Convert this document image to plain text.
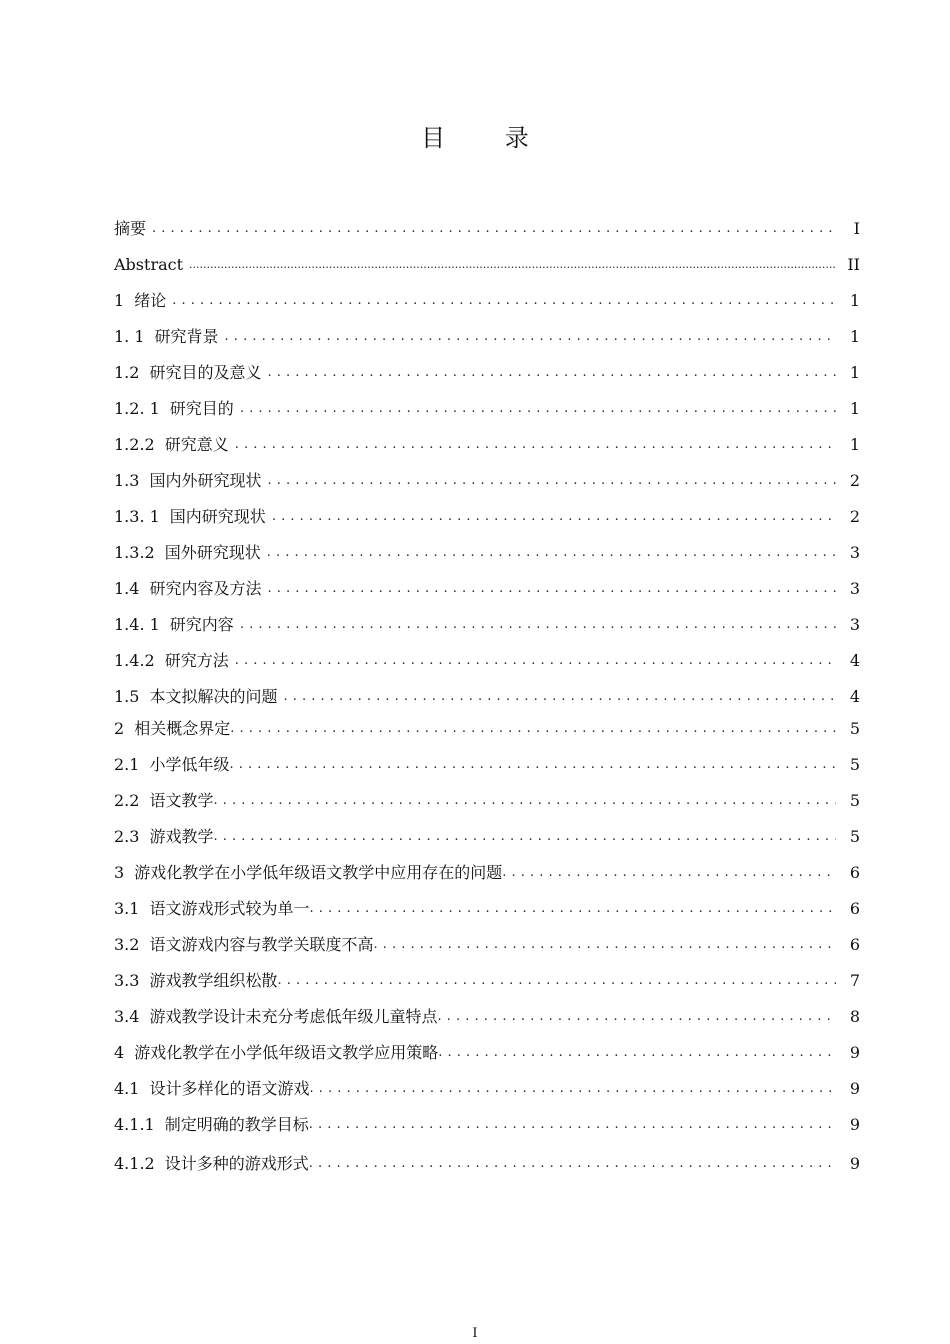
目 录
摘要 . . .	I
Abstract .....	II
1 绪论 . . .	1
1. 1 研究背景 . . .	1
1.2 研究目的及意义 . . .	1
1.2. 1 研究目的 . . .	1
1.2.2 研究意义 . . .	1
1.3 国内外研究现状 . . .	2
1.3. 1 国内研究现状 . . .	2
1.3.2 国外研究现状 . . .	3
1.4 研究内容及方法 . . .	3
1.4. 1 研究内容 . . .	3
1.4.2 研究方法 . . .	4
1.5 本文拟解决的问题 . . .	4
2 相关概念界定 . . .	5
2.1 小学低年级 . . .	5
2.2 语文教学 . . .	5
2.3 游戏教学 . . .	5
3 游戏化教学在小学低年级语文教学中应用存在的问题 . . .	6
3.1 语文游戏形式较为单一 . . .	6
3.2 语文游戏内容与教学关联度不高 . . .	6
3.3 游戏教学组织松散 . . .	7
3.4 游戏教学设计未充分考虑低年级儿童特点 . . .	8
4 游戏化教学在小学低年级语文教学应用策略 . . .	9
4.1 设计多样化的语文游戏 . . .	9
4.1.1 制定明确的教学目标 . . .	9
4.1.2 设计多种的游戏形式 . . .	9
I
